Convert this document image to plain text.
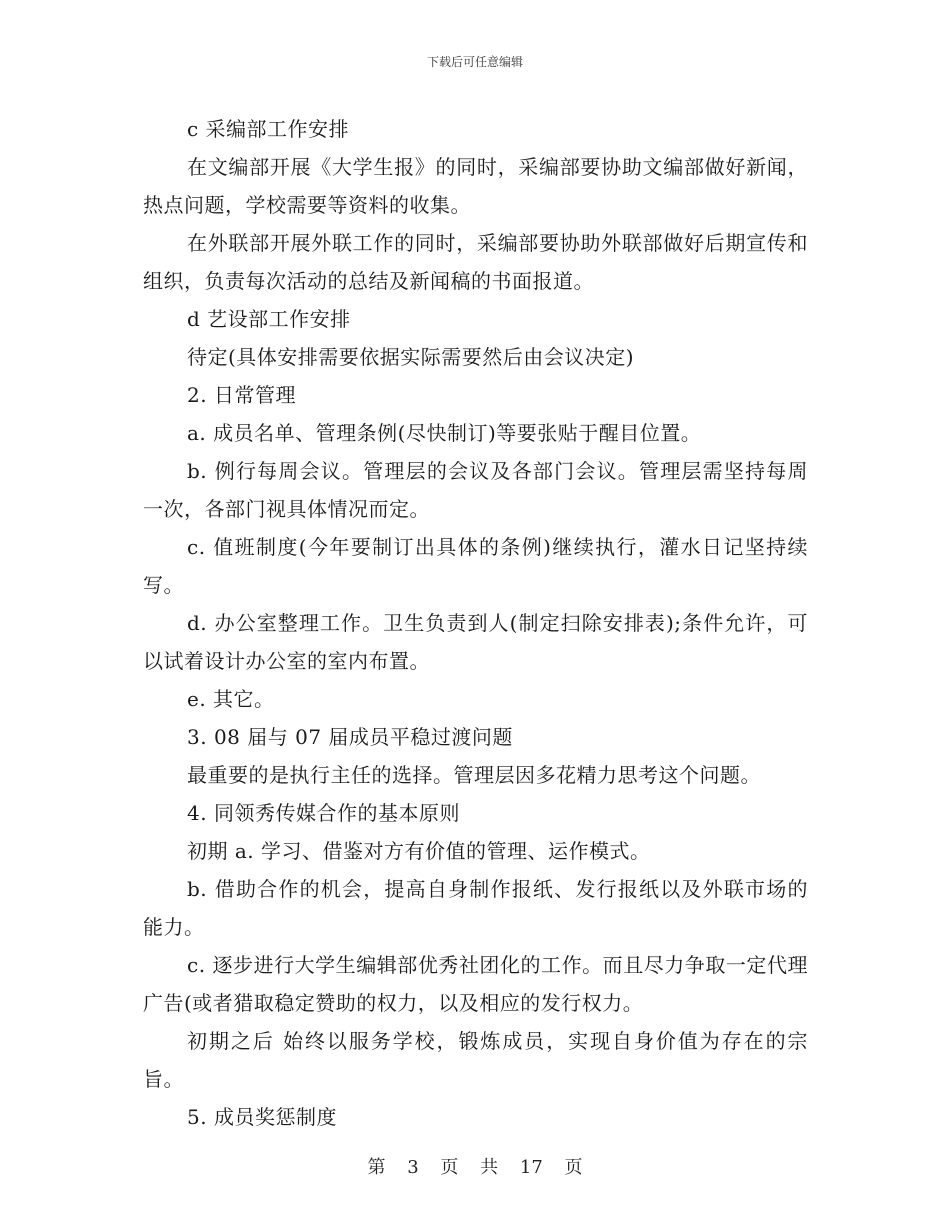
下载后可任意编辑

c 采编部工作安排

在文编部开展《大学生报》的同时，采编部要协助文编部做好新闻，热点问题，学校需要等资料的收集。

在外联部开展外联工作的同时，采编部要协助外联部做好后期宣传和组织，负责每次活动的总结及新闻稿的书面报道。

d 艺设部工作安排

待定(具体安排需要依据实际需要然后由会议决定)

2. 日常管理

a. 成员名单、管理条例(尽快制订)等要张贴于醒目位置。

b. 例行每周会议。管理层的会议及各部门会议。管理层需坚持每周一次，各部门视具体情况而定。

c. 值班制度(今年要制订出具体的条例)继续执行，灌水日记坚持续写。

d. 办公室整理工作。卫生负责到人(制定扫除安排表);条件允许，可以试着设计办公室的室内布置。

e. 其它。

3. 08 届与 07 届成员平稳过渡问题

最重要的是执行主任的选择。管理层因多花精力思考这个问题。

4. 同领秀传媒合作的基本原则

初期 a. 学习、借鉴对方有价值的管理、运作模式。

b. 借助合作的机会，提高自身制作报纸、发行报纸以及外联市场的能力。

c. 逐步进行大学生编辑部优秀社团化的工作。而且尽力争取一定代理广告(或者猎取稳定赞助的权力，以及相应的发行权力。

初期之后 始终以服务学校，锻炼成员，实现自身价值为存在的宗旨。

5. 成员奖惩制度

第 3 页 共 17 页
